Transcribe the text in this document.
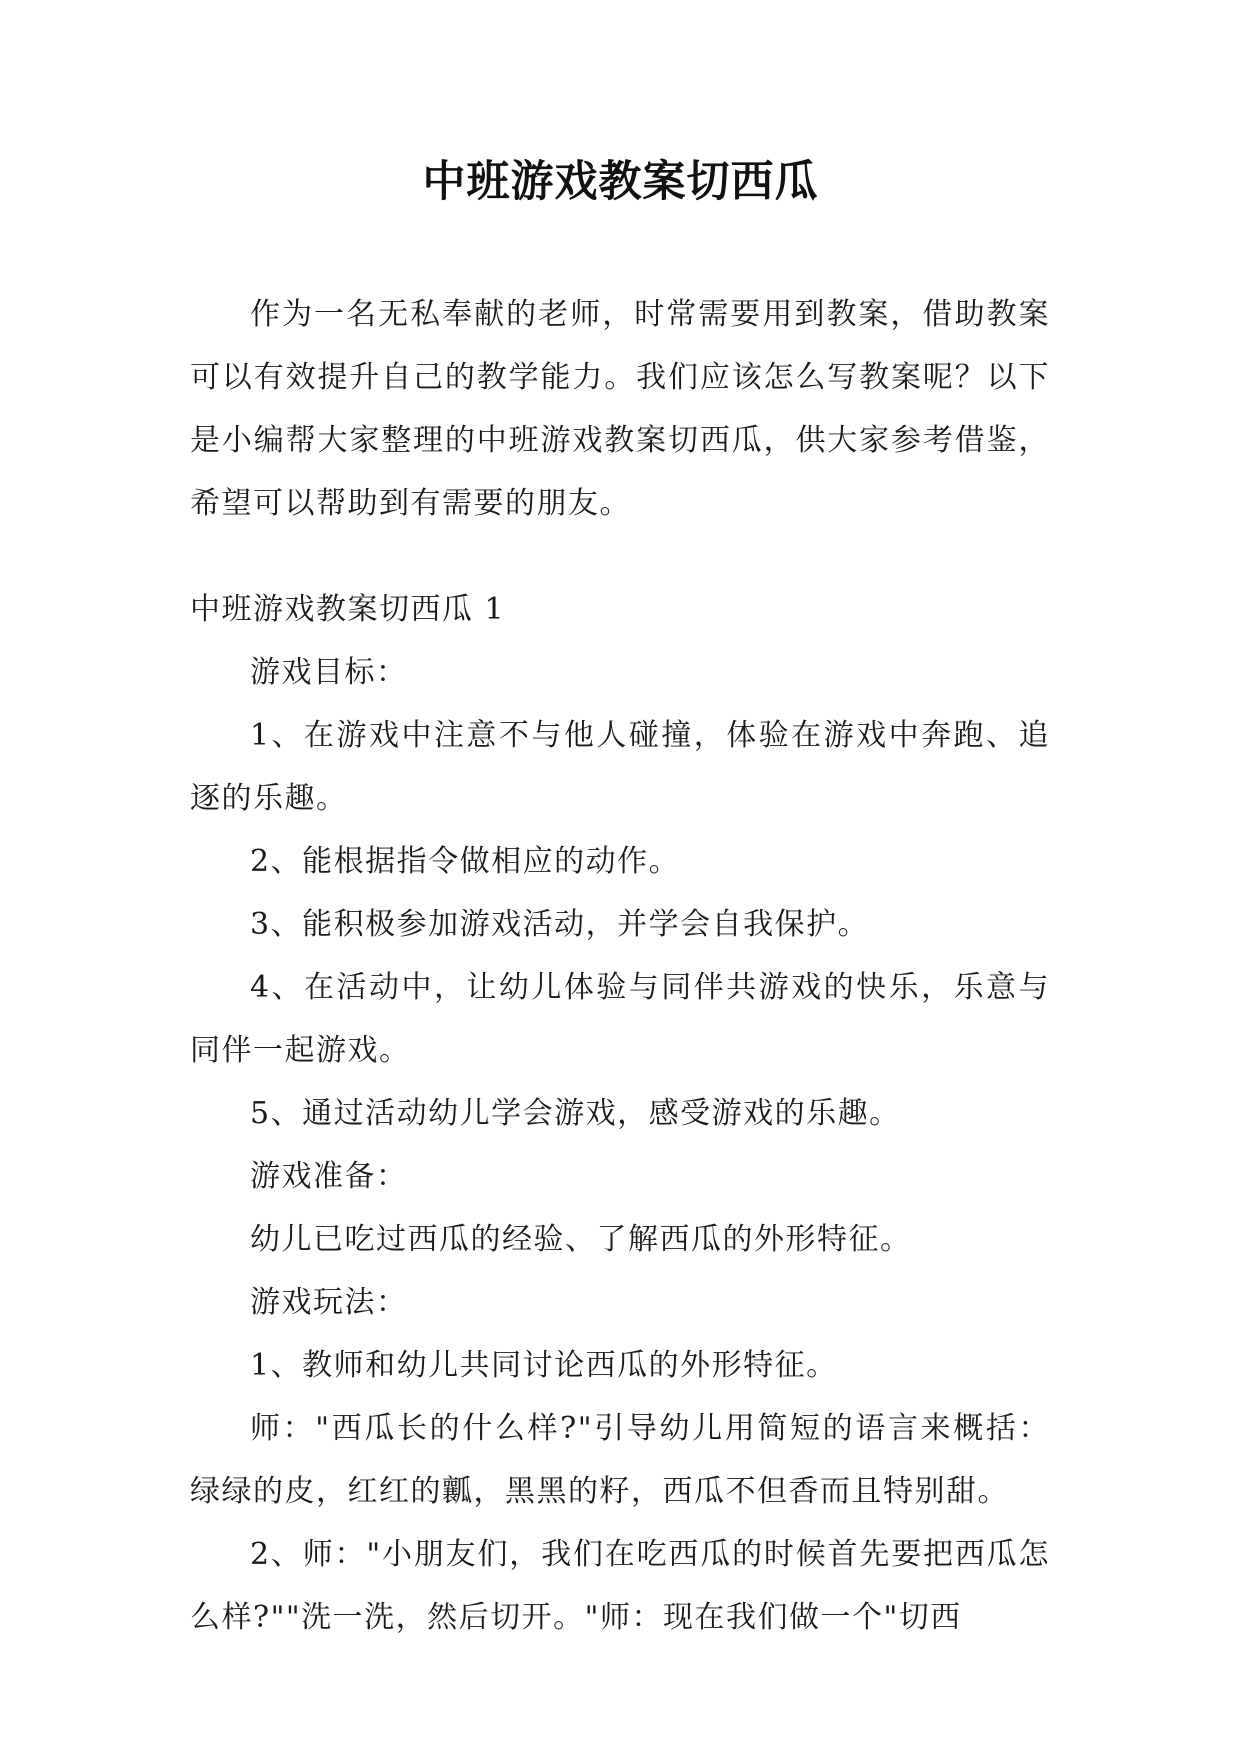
中班游戏教案切西瓜

作为一名无私奉献的老师，时常需要用到教案，借助教案可以有效提升自己的教学能力。我们应该怎么写教案呢？以下是小编帮大家整理的中班游戏教案切西瓜，供大家参考借鉴，希望可以帮助到有需要的朋友。

中班游戏教案切西瓜 1

游戏目标：

1、在游戏中注意不与他人碰撞，体验在游戏中奔跑、追逐的乐趣。

2、能根据指令做相应的动作。

3、能积极参加游戏活动，并学会自我保护。

4、在活动中，让幼儿体验与同伴共游戏的快乐，乐意与同伴一起游戏。

5、通过活动幼儿学会游戏，感受游戏的乐趣。

游戏准备：

幼儿已吃过西瓜的经验、了解西瓜的外形特征。

游戏玩法：

1、教师和幼儿共同讨论西瓜的外形特征。

师："西瓜长的什么样?"引导幼儿用简短的语言来概括：绿绿的皮，红红的瓤，黑黑的籽，西瓜不但香而且特别甜。

2、师："小朋友们，我们在吃西瓜的时候首先要把西瓜怎么样?""洗一洗，然后切开。"师：现在我们做一个"切西
